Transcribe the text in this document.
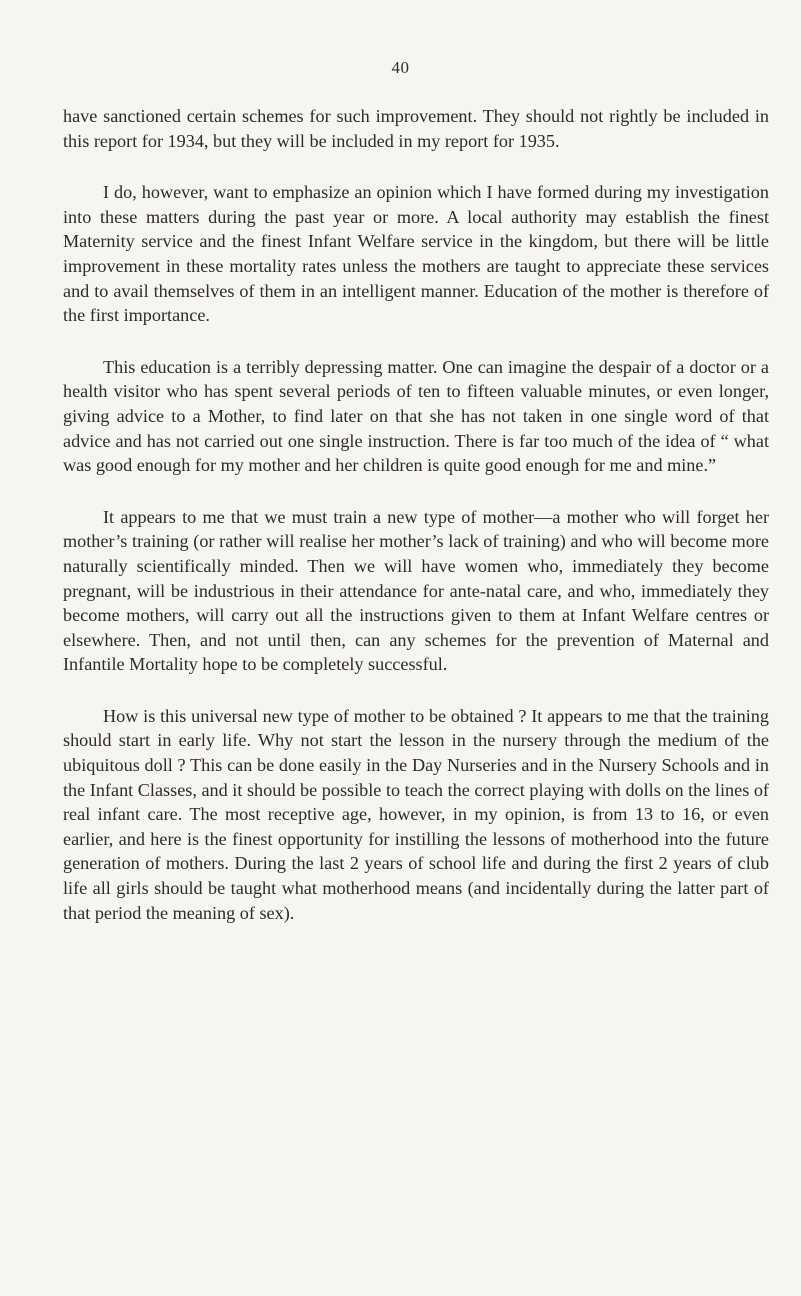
40

have sanctioned certain schemes for such improvement. They should not rightly be included in this report for 1934, but they will be included in my report for 1935.

I do, however, want to emphasize an opinion which I have formed during my investigation into these matters during the past year or more. A local authority may establish the finest Maternity service and the finest Infant Welfare service in the kingdom, but there will be little improvement in these mortality rates unless the mothers are taught to appreciate these services and to avail themselves of them in an intelligent manner. Education of the mother is therefore of the first importance.

This education is a terribly depressing matter. One can imagine the despair of a doctor or a health visitor who has spent several periods of ten to fifteen valuable minutes, or even longer, giving advice to a Mother, to find later on that she has not taken in one single word of that advice and has not carried out one single instruction. There is far too much of the idea of “ what was good enough for my mother and her children is quite good enough for me and mine.”

It appears to me that we must train a new type of mother—a mother who will forget her mother’s training (or rather will realise her mother’s lack of training) and who will become more naturally scientifically minded. Then we will have women who, immediately they become pregnant, will be industrious in their attendance for ante-natal care, and who, immediately they become mothers, will carry out all the instructions given to them at Infant Welfare centres or elsewhere. Then, and not until then, can any schemes for the prevention of Maternal and Infantile Mortality hope to be completely successful.

How is this universal new type of mother to be obtained ? It appears to me that the training should start in early life. Why not start the lesson in the nursery through the medium of the ubiquitous doll ? This can be done easily in the Day Nurseries and in the Nursery Schools and in the Infant Classes, and it should be possible to teach the correct playing with dolls on the lines of real infant care. The most receptive age, however, in my opinion, is from 13 to 16, or even earlier, and here is the finest opportunity for instilling the lessons of motherhood into the future generation of mothers. During the last 2 years of school life and during the first 2 years of club life all girls should be taught what motherhood means (and incidentally during the latter part of that period the meaning of sex).
